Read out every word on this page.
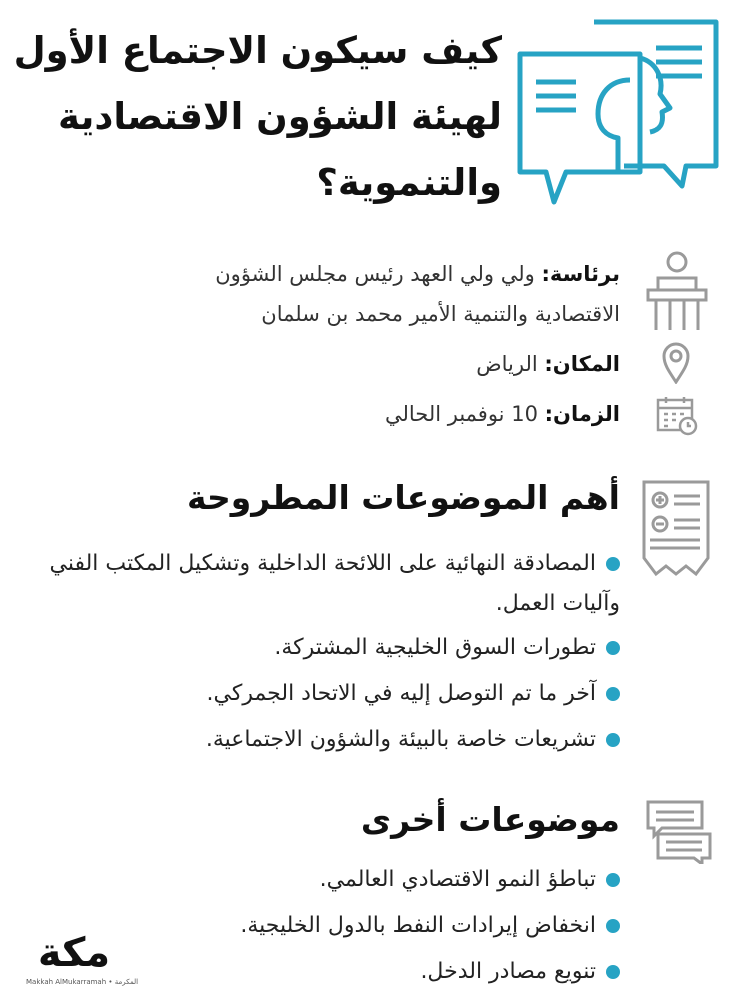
كيف سيكون الاجتماع الأول
لهيئة الشؤون الاقتصادية
والتنموية؟
برئاسة: ولي ولي العهد رئيس مجلس الشؤون
الاقتصادية والتنمية الأمير محمد بن سلمان
المكان: الرياض
الزمان: 10 نوفمبر الحالي
أهم الموضوعات المطروحة
المصادقة النهائية على اللائحة الداخلية وتشكيل المكتب الفني وآليات العمل.
تطورات السوق الخليجية المشتركة.
آخر ما تم التوصل إليه في الاتحاد الجمركي.
تشريعات خاصة بالبيئة والشؤون الاجتماعية.
موضوعات أخرى
تباطؤ النمو الاقتصادي العالمي.
انخفاض إيرادات النفط بالدول الخليجية.
تنويع مصادر الدخل.
مكة
Makkah AlMukarramah • المكرمة
